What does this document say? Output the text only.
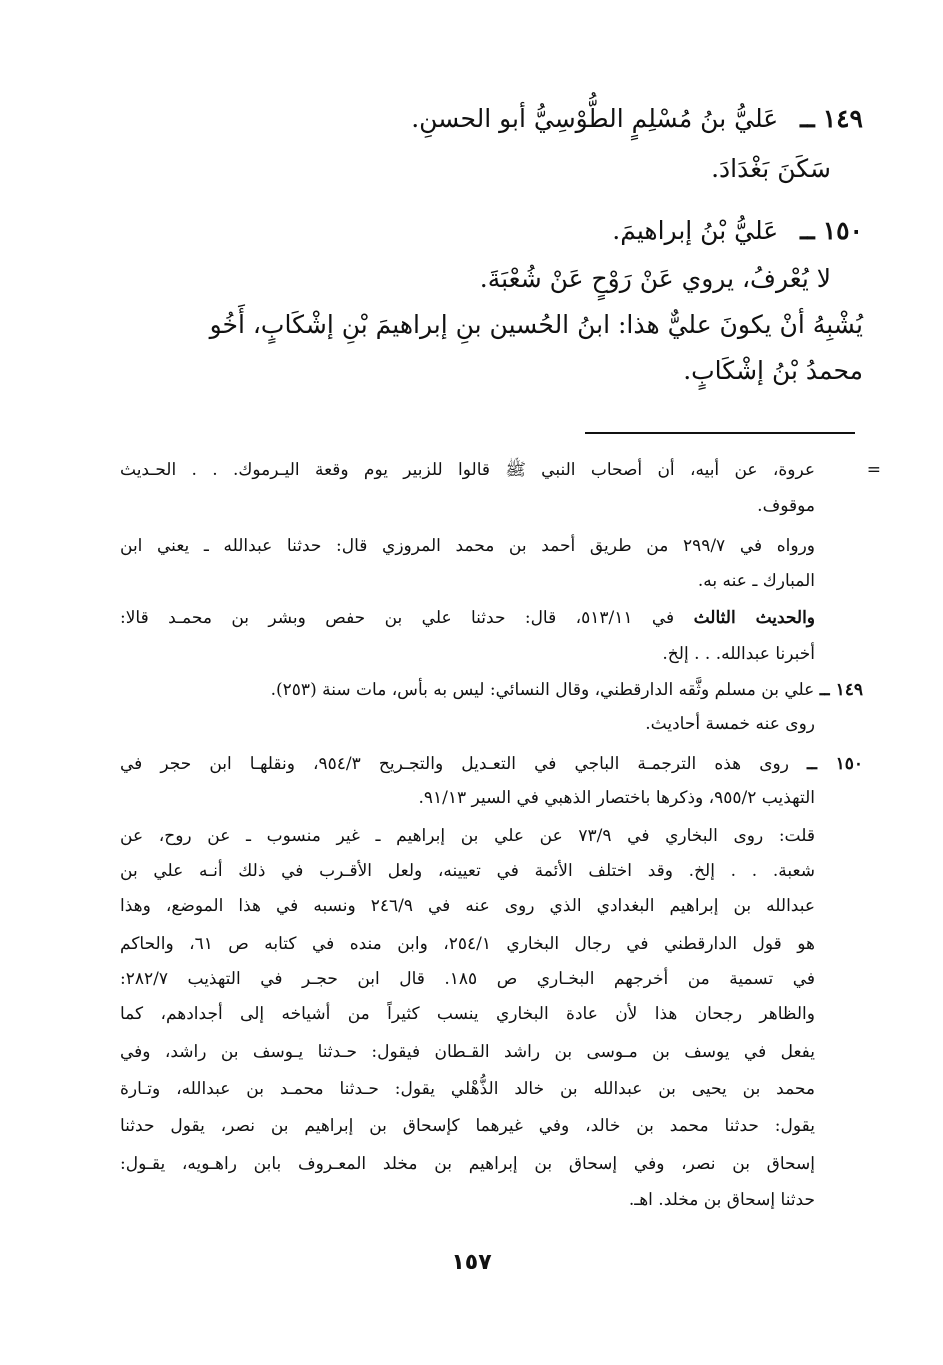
١٤٩ ــ عَليُّ بنُ مُسْلِمٍ الطُّوْسِيُّ أبو الحسنِ.

سَكَنَ بَغْدَادَ.

١٥٠ ــ عَليُّ بْنُ إبراهيمَ.

لا يُعْرفُ، يروي عَنْ رَوْحٍ عَنْ شُعْبَةَ.

يُشْبِهُ أنْ يكونَ عليٌّ هذا: ابنُ الحُسين بنِ إبراهيمَ بْنِ إشْكَابٍ، أَخُو

محمدُ بْنُ إشْكَابٍ.

=

عروة، عن أبيه، أن أصحاب النبي ﷺ قالوا للزبير يوم وقعة اليـرموك. . . الحـديث

موقوف.

ورواه في ٢٩٩/٧ من طريق أحمد بن محمد المروزي قال: حدثنا عبدالله ـ يعني ابن

المبارك ـ عنه به.

والحديث الثالث في ٥١٣/١١، قال: حدثنا علي بن حفص وبشر بن محمـد قالا:

أخبرنا عبدالله. . . إلخ.

١٤٩ ــ علي بن مسلم وثَّقه الدارقطني، وقال النسائي: ليس به بأس، مات سنة (٢٥٣).

روى عنه خمسة أحاديث.

١٥٠ ــ روى هذه الترجمـة الباجي في التعـديل والتجـريح ٩٥٤/٣، ونقلهـا ابن حجر في

التهذيب ٩٥٥/٢، وذكرها باختصار الذهبي في السير ٩١/١٣.

قلت: روى البخاري في ٧٣/٩ عن علي بن إبراهيم ـ غير منسوب ـ عن روح، عن

شعبة. . . إلخ. وقد اختلف الأئمة في تعيينه، ولعل الأقـرب في ذلك أنـه علي بن

عبدالله بن إبراهيم البغدادي الذي روى عنه في ٢٤٦/٩ ونسبه في هذا الموضع، وهذا

هو قول الدارقطني في رجال البخاري ٢٥٤/١، وابن منده في كتابه ص ٦١، والحاكم

في تسمية من أخرجهم البخـاري ص ١٨٥. قال ابن حجـر في التهذيب ٢٨٢/٧:

والظاهر رجحان هذا لأن عادة البخاري ينسب كثيراً من أشياخه إلى أجدادهم، كما

يفعل في يوسف بن مـوسى بن راشد القـطان فيقول: حـدثنا يـوسف بن راشد، وفي

محمد بن يحيى بن عبدالله بن خالد الذُّهْلي يقول: حـدثنا محمـد بن عبدالله، وتـارة

يقول: حدثنا محمد بن خالد، وفي غيرهما كإسحاق بن إبراهيم بن نصر، يقول حدثنا

إسحاق بن نصر، وفي إسحاق بن إبراهيم بن مخلد المعـروف بابن راهـويه، يقـول:

حدثنا إسحاق بن مخلد. اهـ.

١٥٧
